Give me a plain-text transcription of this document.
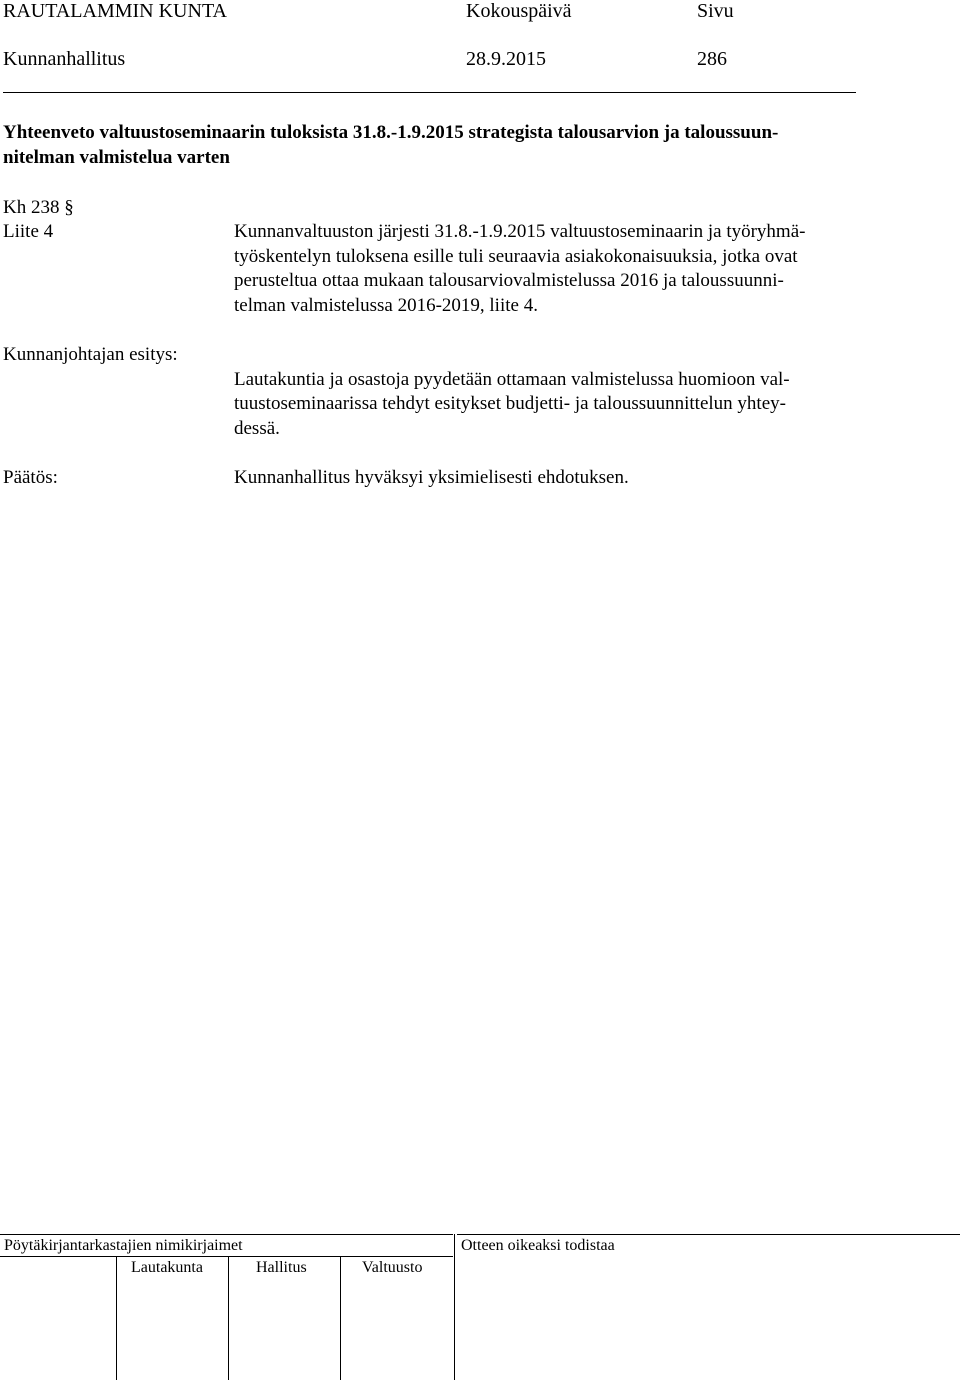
RAUTALAMMIN KUNTA	Kokouspäivä	Sivu
Kunnanhallitus	28.9.2015	286
Yhteenveto valtuustoseminaarin tuloksista 31.8.-1.9.2015 strategista talousarvion ja taloussuun-
nitelman valmistelua varten
Kh 238 §
Liite 4	Kunnanvaltuuston järjesti 31.8.-1.9.2015 valtuustoseminaarin ja työryhmä-
työskentelyn tuloksena esille tuli seuraavia asiakokonaisuuksia, jotka ovat
perusteltua ottaa mukaan talousarviovalmistelussa 2016 ja taloussuunni-
telman valmistelussa 2016-2019, liite 4.
Kunnanjohtajan esitys:
Lautakuntia ja osastoja pyydetään ottamaan valmistelussa huomioon val-
tuustoseminaarissa tehdyt esitykset budjetti- ja taloussuunnittelun yhtey-
dessä.
Päätös:	Kunnanhallitus hyväksyi yksimielisesti ehdotuksen.
Pöytäkirjantarkastajien nimikirjaimet	Otteen oikeaksi todistaa
Lautakunta	Hallitus	Valtuusto
